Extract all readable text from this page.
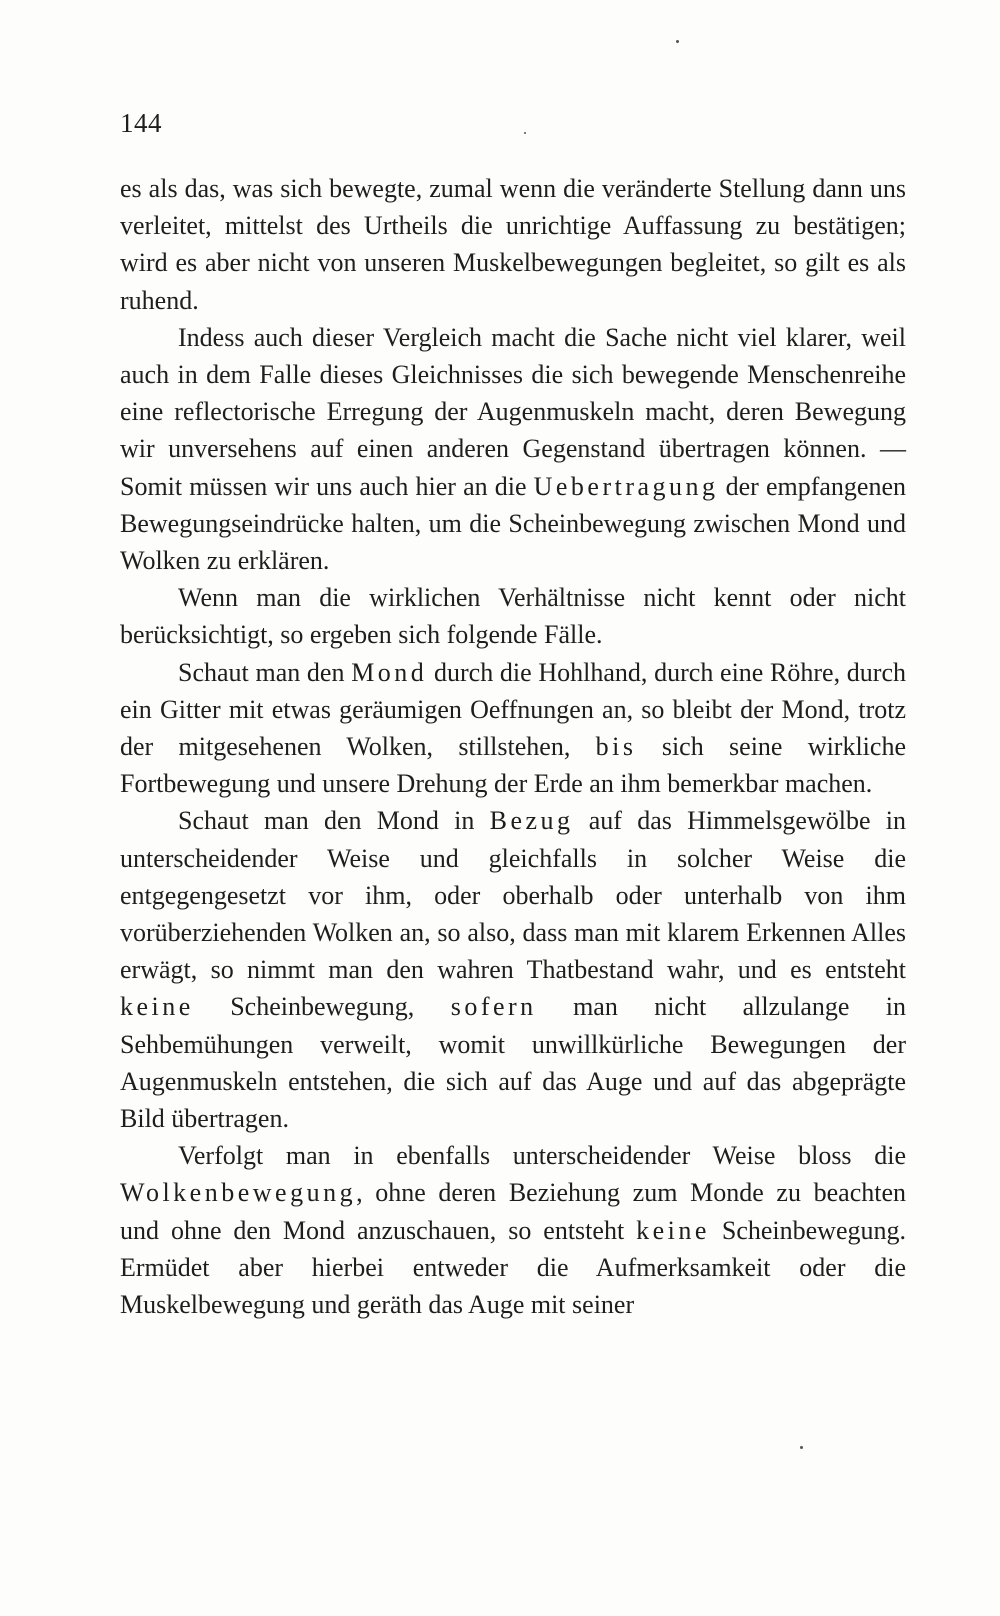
144

es als das, was sich bewegte, zumal wenn die veränderte Stellung dann uns verleitet, mittelst des Urtheils die unrichtige Auffassung zu bestätigen; wird es aber nicht von unseren Muskelbewegungen begleitet, so gilt es als ruhend.

Indess auch dieser Vergleich macht die Sache nicht viel klarer, weil auch in dem Falle dieses Gleichnisses die sich bewegende Menschenreihe eine reflectorische Erregung der Augenmuskeln macht, deren Bewegung wir unversehens auf einen anderen Gegenstand übertragen können. — Somit müssen wir uns auch hier an die Uebertragung der empfangenen Bewegungseindrücke halten, um die Scheinbewegung zwischen Mond und Wolken zu erklären.

Wenn man die wirklichen Verhältnisse nicht kennt oder nicht berücksichtigt, so ergeben sich folgende Fälle.

Schaut man den Mond durch die Hohlhand, durch eine Röhre, durch ein Gitter mit etwas geräumigen Oeffnungen an, so bleibt der Mond, trotz der mitgesehenen Wolken, stillstehen, bis sich seine wirkliche Fortbewegung und unsere Drehung der Erde an ihm bemerkbar machen.

Schaut man den Mond in Bezug auf das Himmelsgewölbe in unterscheidender Weise und gleichfalls in solcher Weise die entgegengesetzt vor ihm, oder oberhalb oder unterhalb von ihm vorüberziehenden Wolken an, so also, dass man mit klarem Erkennen Alles erwägt, so nimmt man den wahren Thatbestand wahr, und es entsteht keine Scheinbewegung, sofern man nicht allzulange in Sehbemühungen verweilt, womit unwillkürliche Bewegungen der Augenmuskeln entstehen, die sich auf das Auge und auf das abgeprägte Bild übertragen.

Verfolgt man in ebenfalls unterscheidender Weise bloss die Wolkenbewegung, ohne deren Beziehung zum Monde zu beachten und ohne den Mond anzuschauen, so entsteht keine Scheinbewegung. Ermüdet aber hierbei entweder die Aufmerksamkeit oder die Muskelbewegung und geräth das Auge mit seiner
